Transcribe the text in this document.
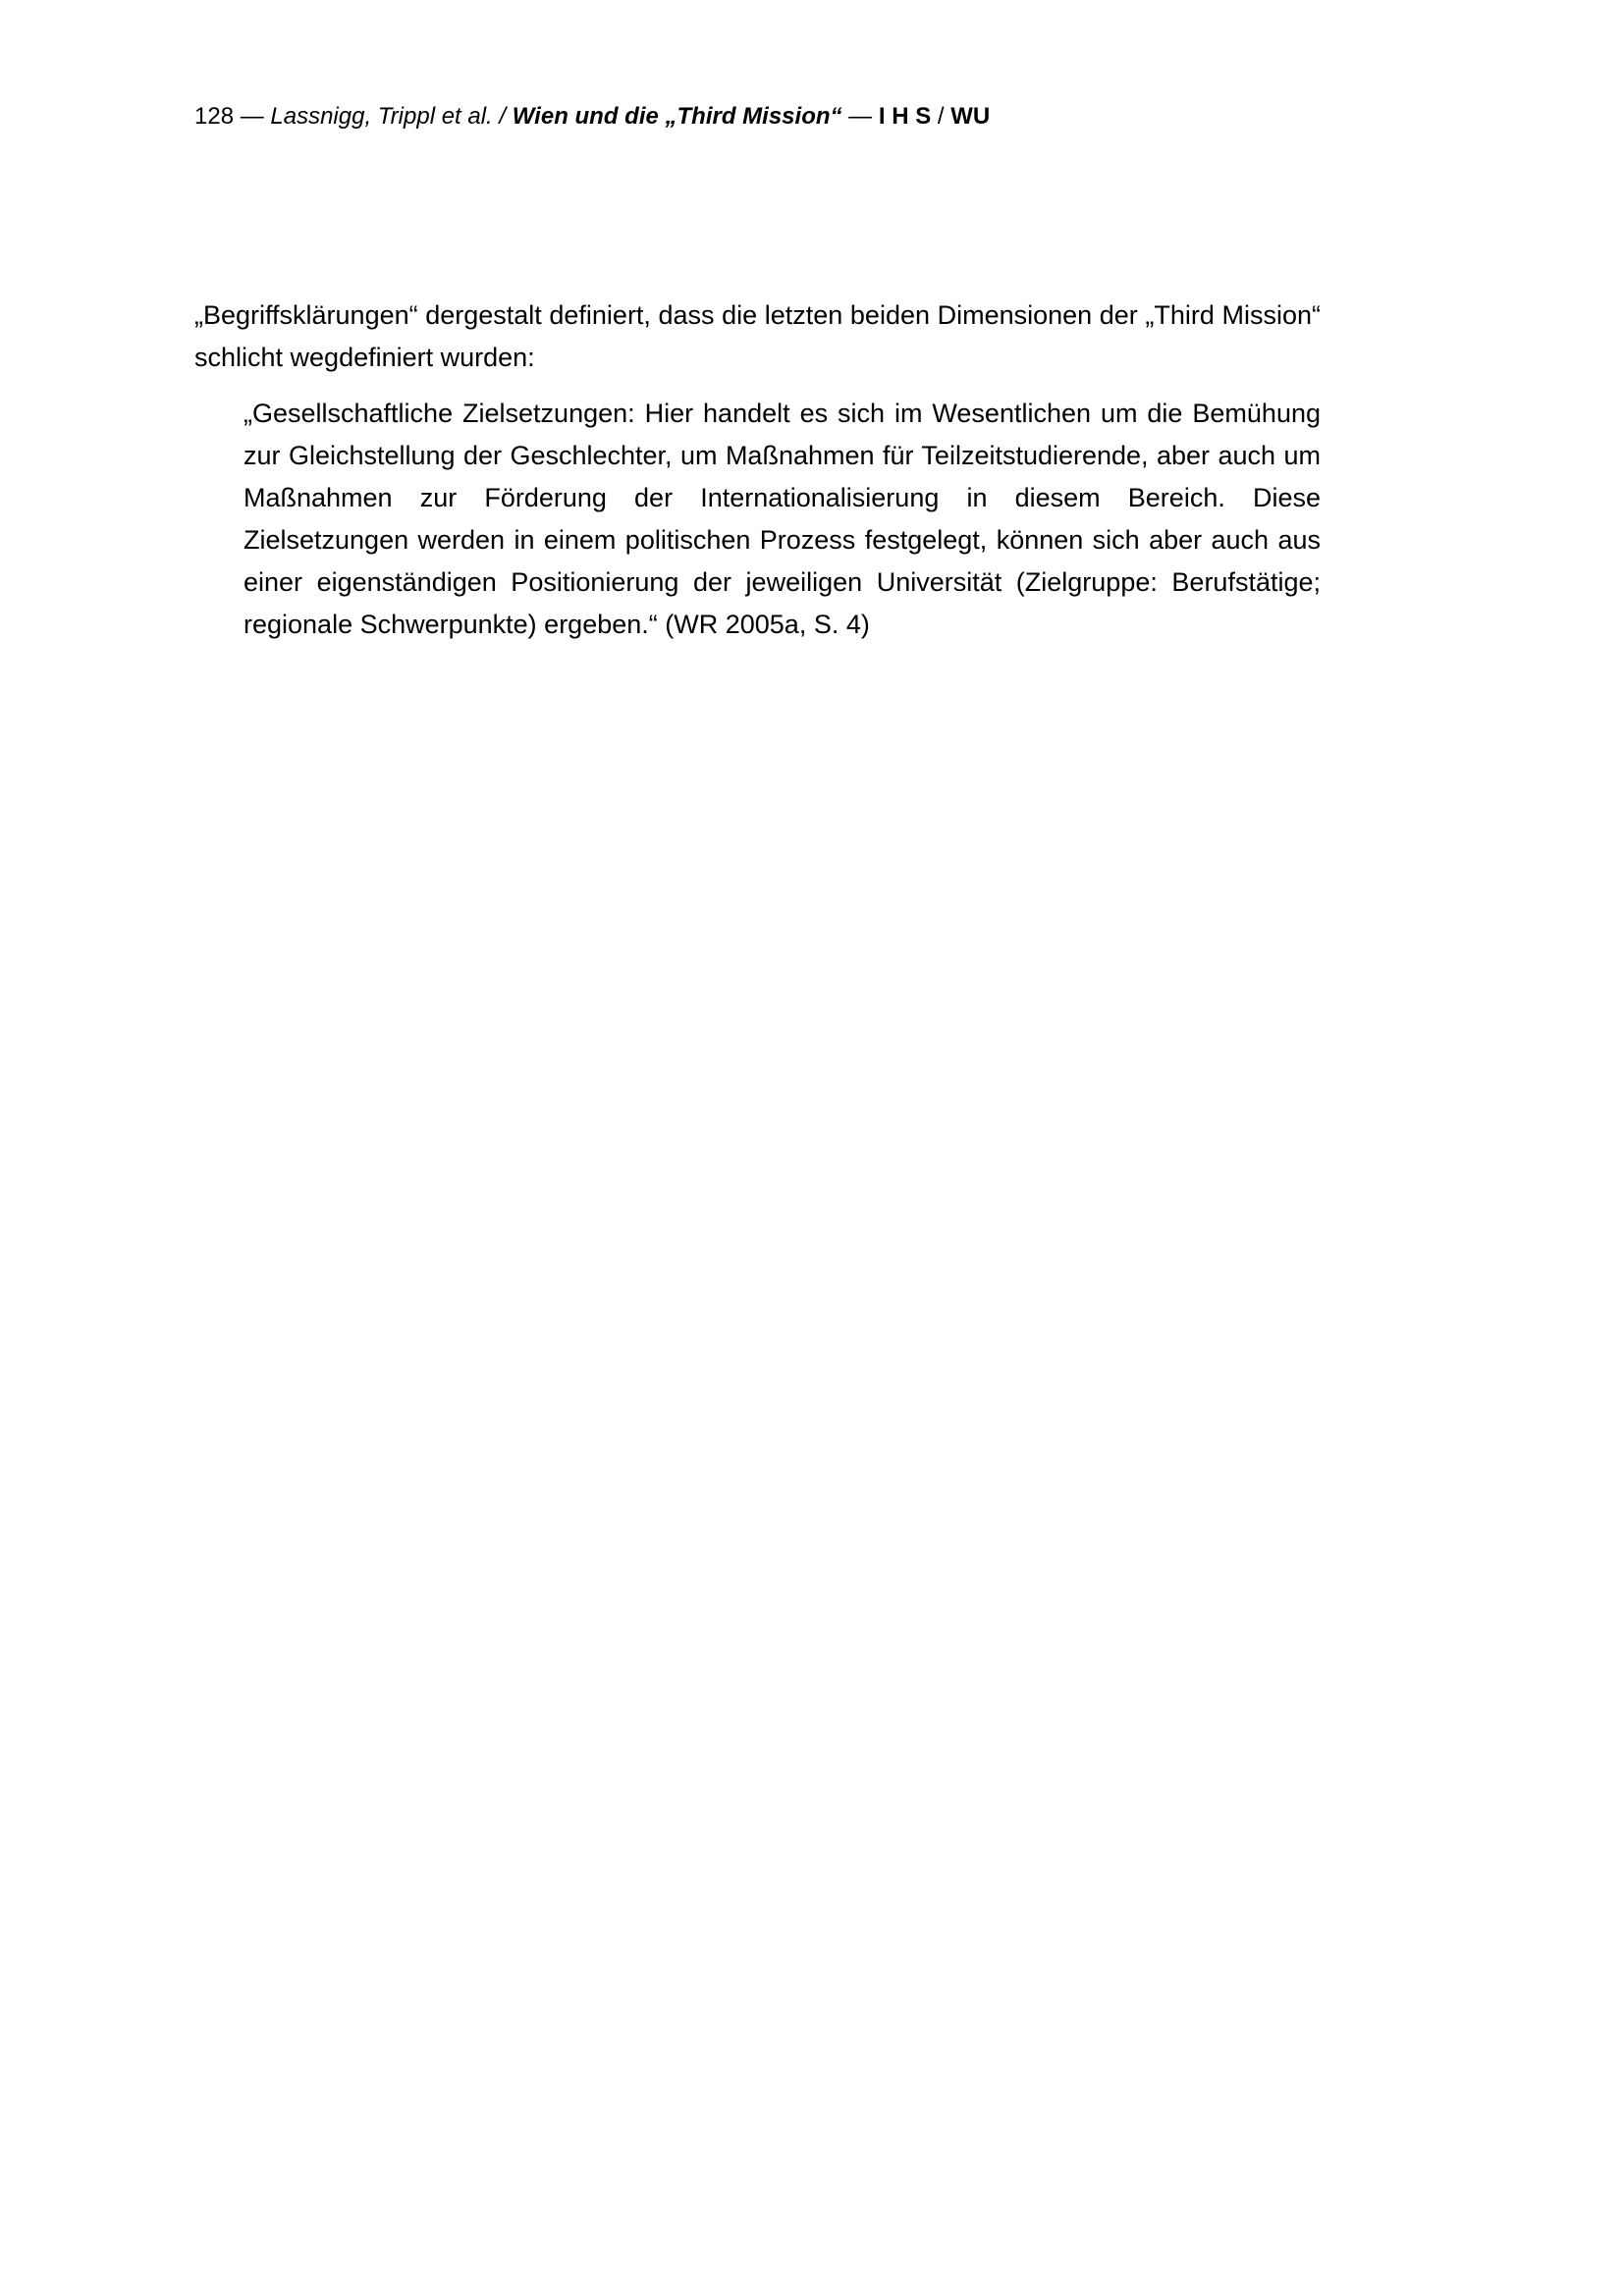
128 — Lassnigg, Trippl et al. / Wien und die „Third Mission“ — I H S / WU

„Begriffsklärungen“ dergestalt definiert, dass die letzten beiden Dimensionen der „Third Mission“ schlicht wegdefiniert wurden:

„Gesellschaftliche Zielsetzungen: Hier handelt es sich im Wesentlichen um die Bemühung zur Gleichstellung der Geschlechter, um Maßnahmen für Teilzeitstudierende, aber auch um Maßnahmen zur Förderung der Internationalisierung in diesem Bereich. Diese Zielsetzungen werden in einem politischen Prozess festgelegt, können sich aber auch aus einer eigenständigen Positionierung der jeweiligen Universität (Zielgruppe: Berufstätige; regionale Schwerpunkte) ergeben.“ (WR 2005a, S. 4)
